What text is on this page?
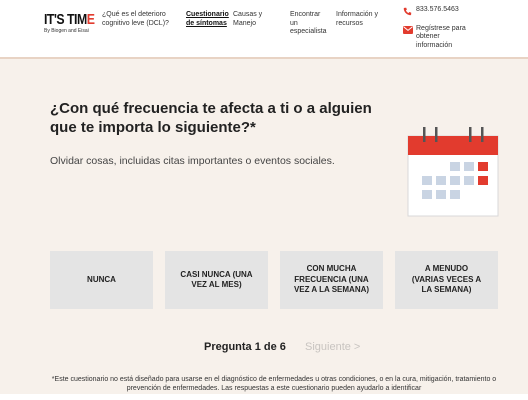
IT'S TIME
By Biogen and Eisai
¿Qué es el deterioro
cognitivo leve (DCL)?
Cuestionario
de síntomas
Causas y
Manejo
Encontrar
un
especialista
Información y
recursos
833.576.5463
Regístrese para
obtener
información
¿Con qué frecuencia te afecta a ti o a alguien que te importa lo siguiente?*

Olvidar cosas, incluidas citas importantes o eventos sociales.

NUNCA
CASI NUNCA (UNA
VEZ AL MES)
CON MUCHA
FRECUENCIA (UNA
VEZ A LA SEMANA)
A MENUDO
(VARIAS VECES A
LA SEMANA)
Pregunta 1 de 6 Siguiente >
*Este cuestionario no está diseñado para usarse en el diagnóstico de enfermedades u otras condiciones, o en la cura, mitigación, tratamiento o prevención de enfermedades. Las respuestas a este cuestionario pueden ayudarlo a identificar
